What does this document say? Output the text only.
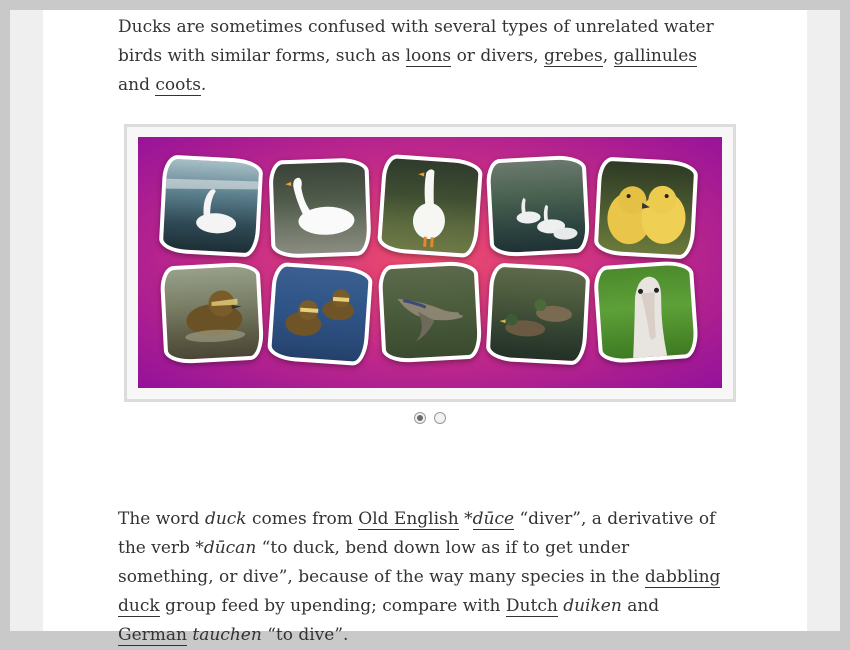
Ducks are sometimes confused with several types of unrelated water birds with similar forms, such as loons or divers, grebes, gallinules and coots.

The word duck comes from Old English *dūce “diver”, a derivative of the verb *dūcan “to duck, bend down low as if to get under something, or dive”, because of the way many species in the dabbling duck group feed by upending; compare with Dutch duiken and German tauchen “to dive”.
